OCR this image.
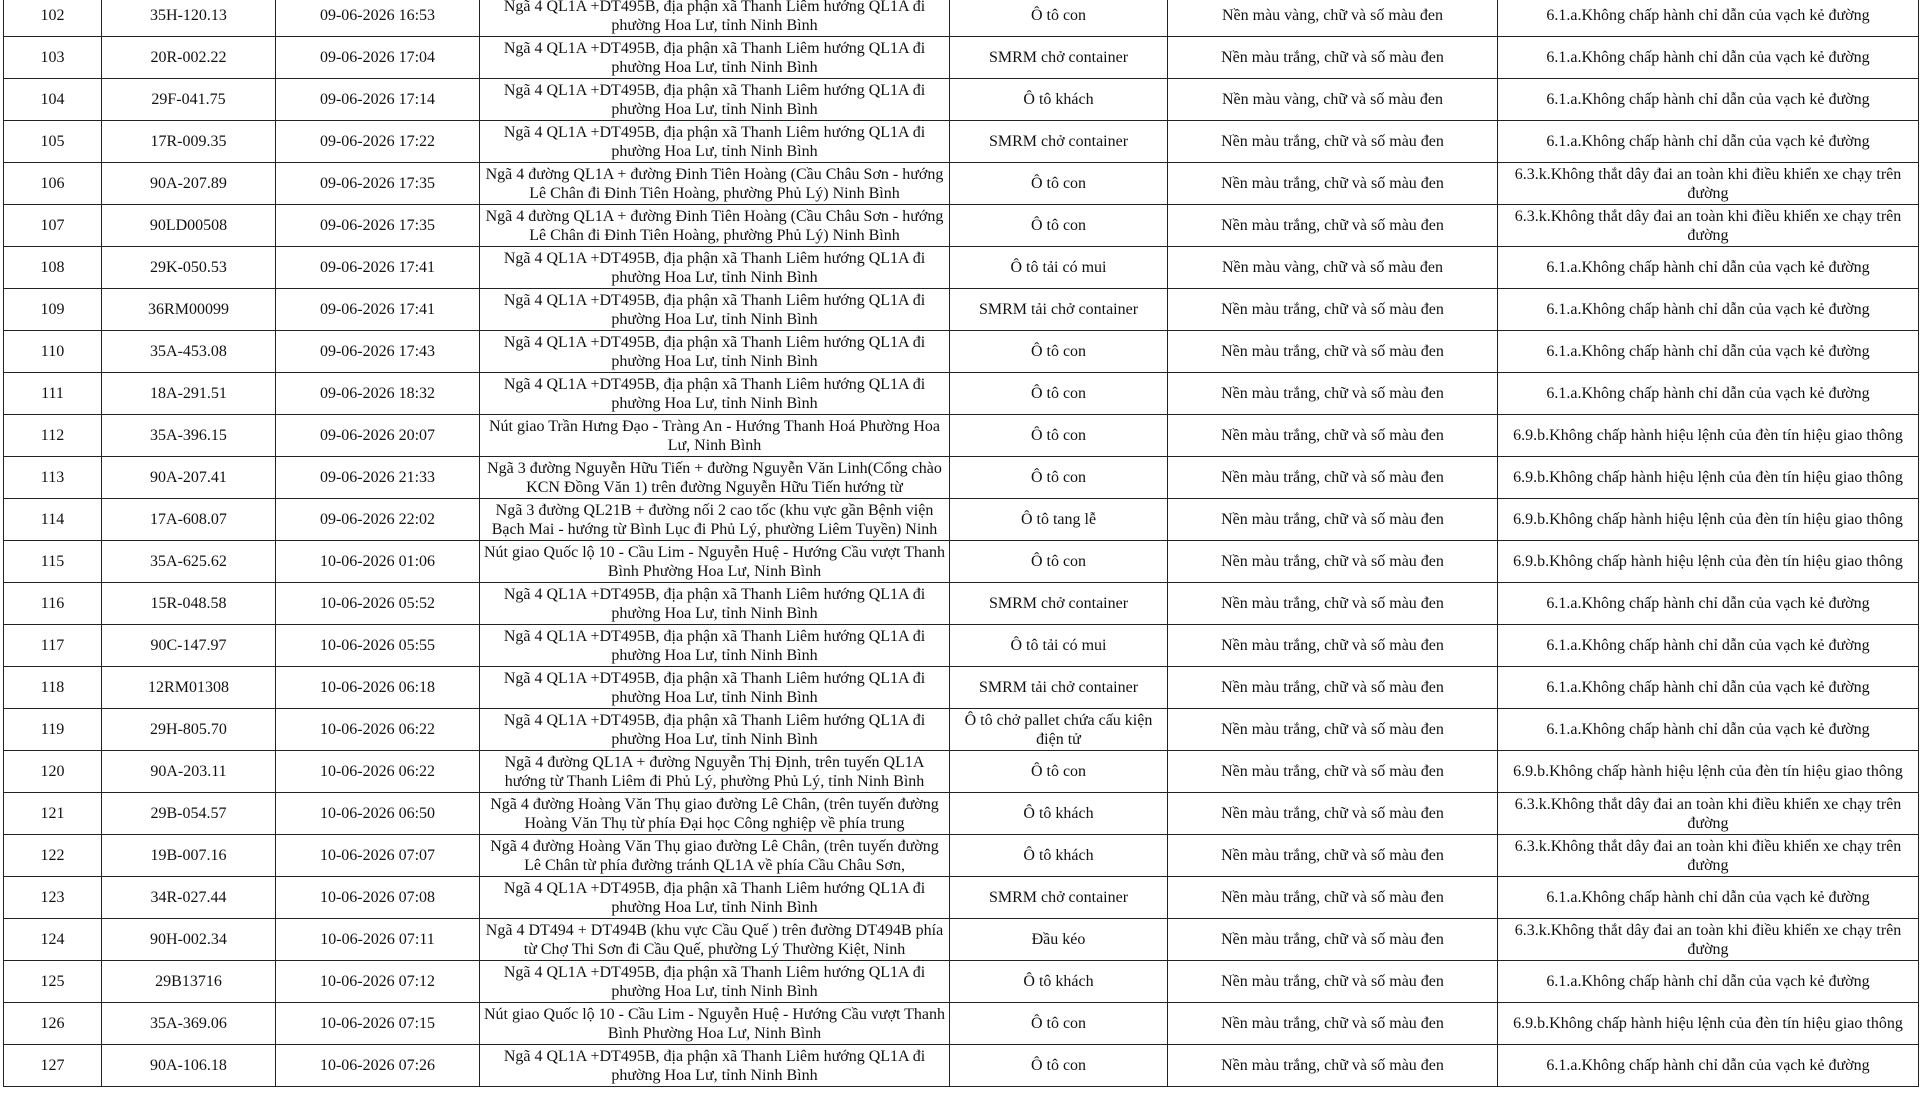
102	35H-120.13	09-06-2026 16:53	Ngã 4 QL1A +DT495B, địa phận xã Thanh Liêm hướng QL1A đi phường Hoa Lư, tỉnh Ninh Bình	Ô tô con	Nền màu vàng, chữ và số màu đen	6.1.a.Không chấp hành chỉ dẫn của vạch kẻ đường

103	20R-002.22	09-06-2026 17:04	Ngã 4 QL1A +DT495B, địa phận xã Thanh Liêm hướng QL1A đi phường Hoa Lư, tỉnh Ninh Bình	SMRM chở container	Nền màu trắng, chữ và số màu đen	6.1.a.Không chấp hành chỉ dẫn của vạch kẻ đường

104	29F-041.75	09-06-2026 17:14	Ngã 4 QL1A +DT495B, địa phận xã Thanh Liêm hướng QL1A đi phường Hoa Lư, tỉnh Ninh Bình	Ô tô khách	Nền màu vàng, chữ và số màu đen	6.1.a.Không chấp hành chỉ dẫn của vạch kẻ đường

105	17R-009.35	09-06-2026 17:22	Ngã 4 QL1A +DT495B, địa phận xã Thanh Liêm hướng QL1A đi phường Hoa Lư, tỉnh Ninh Bình	SMRM chở container	Nền màu trắng, chữ và số màu đen	6.1.a.Không chấp hành chỉ dẫn của vạch kẻ đường

106	90A-207.89	09-06-2026 17:35	Ngã 4 đường QL1A + đường Đinh Tiên Hoàng (Cầu Châu Sơn - hướng Lê Chân đi Đinh Tiên Hoàng, phường Phủ Lý) Ninh Bình	Ô tô con	Nền màu trắng, chữ và số màu đen	6.3.k.Không thắt dây đai an toàn khi điều khiển xe chạy trên đường

107	90LD00508	09-06-2026 17:35	Ngã 4 đường QL1A + đường Đinh Tiên Hoàng (Cầu Châu Sơn - hướng Lê Chân đi Đinh Tiên Hoàng, phường Phủ Lý) Ninh Bình	Ô tô con	Nền màu trắng, chữ và số màu đen	6.3.k.Không thắt dây đai an toàn khi điều khiển xe chạy trên đường

108	29K-050.53	09-06-2026 17:41	Ngã 4 QL1A +DT495B, địa phận xã Thanh Liêm hướng QL1A đi phường Hoa Lư, tỉnh Ninh Bình	Ô tô tải có mui	Nền màu vàng, chữ và số màu đen	6.1.a.Không chấp hành chỉ dẫn của vạch kẻ đường

109	36RM00099	09-06-2026 17:41	Ngã 4 QL1A +DT495B, địa phận xã Thanh Liêm hướng QL1A đi phường Hoa Lư, tỉnh Ninh Bình	SMRM tải chở container	Nền màu trắng, chữ và số màu đen	6.1.a.Không chấp hành chỉ dẫn của vạch kẻ đường

110	35A-453.08	09-06-2026 17:43	Ngã 4 QL1A +DT495B, địa phận xã Thanh Liêm hướng QL1A đi phường Hoa Lư, tỉnh Ninh Bình	Ô tô con	Nền màu trắng, chữ và số màu đen	6.1.a.Không chấp hành chỉ dẫn của vạch kẻ đường

111	18A-291.51	09-06-2026 18:32	Ngã 4 QL1A +DT495B, địa phận xã Thanh Liêm hướng QL1A đi phường Hoa Lư, tỉnh Ninh Bình	Ô tô con	Nền màu trắng, chữ và số màu đen	6.1.a.Không chấp hành chỉ dẫn của vạch kẻ đường

112	35A-396.15	09-06-2026 20:07	Nút giao Trần Hưng Đạo - Tràng An - Hướng Thanh Hoá Phường Hoa Lư, Ninh Bình	Ô tô con	Nền màu trắng, chữ và số màu đen	6.9.b.Không chấp hành hiệu lệnh của đèn tín hiệu giao thông

113	90A-207.41	09-06-2026 21:33	Ngã 3 đường Nguyễn Hữu Tiến + đường Nguyễn Văn Linh(Cổng chào KCN Đồng Văn 1) trên đường Nguyễn Hữu Tiến hướng từ	Ô tô con	Nền màu trắng, chữ và số màu đen	6.9.b.Không chấp hành hiệu lệnh của đèn tín hiệu giao thông

114	17A-608.07	09-06-2026 22:02	Ngã 3 đường QL21B + đường nối 2 cao tốc (khu vực gần Bệnh viện Bạch Mai - hướng từ Bình Lục đi Phủ Lý, phường Liêm Tuyền) Ninh	Ô tô tang lễ	Nền màu trắng, chữ và số màu đen	6.9.b.Không chấp hành hiệu lệnh của đèn tín hiệu giao thông

115	35A-625.62	10-06-2026 01:06	Nút giao Quốc lộ 10 - Cầu Lim - Nguyễn Huệ - Hướng Cầu vượt Thanh Bình Phường Hoa Lư, Ninh Bình	Ô tô con	Nền màu trắng, chữ và số màu đen	6.9.b.Không chấp hành hiệu lệnh của đèn tín hiệu giao thông

116	15R-048.58	10-06-2026 05:52	Ngã 4 QL1A +DT495B, địa phận xã Thanh Liêm hướng QL1A đi phường Hoa Lư, tỉnh Ninh Bình	SMRM chở container	Nền màu trắng, chữ và số màu đen	6.1.a.Không chấp hành chỉ dẫn của vạch kẻ đường

117	90C-147.97	10-06-2026 05:55	Ngã 4 QL1A +DT495B, địa phận xã Thanh Liêm hướng QL1A đi phường Hoa Lư, tỉnh Ninh Bình	Ô tô tải có mui	Nền màu trắng, chữ và số màu đen	6.1.a.Không chấp hành chỉ dẫn của vạch kẻ đường

118	12RM01308	10-06-2026 06:18	Ngã 4 QL1A +DT495B, địa phận xã Thanh Liêm hướng QL1A đi phường Hoa Lư, tỉnh Ninh Bình	SMRM tải chở container	Nền màu trắng, chữ và số màu đen	6.1.a.Không chấp hành chỉ dẫn của vạch kẻ đường

119	29H-805.70	10-06-2026 06:22	Ngã 4 QL1A +DT495B, địa phận xã Thanh Liêm hướng QL1A đi phường Hoa Lư, tỉnh Ninh Bình	Ô tô chở pallet chứa cấu kiện điện tử	Nền màu trắng, chữ và số màu đen	6.1.a.Không chấp hành chỉ dẫn của vạch kẻ đường

120	90A-203.11	10-06-2026 06:22	Ngã 4 đường QL1A + đường Nguyễn Thị Định, trên tuyến QL1A hướng từ Thanh Liêm đi Phủ Lý, phường Phủ Lý, tỉnh Ninh Bình	Ô tô con	Nền màu trắng, chữ và số màu đen	6.9.b.Không chấp hành hiệu lệnh của đèn tín hiệu giao thông

121	29B-054.57	10-06-2026 06:50	Ngã 4 đường Hoàng Văn Thụ giao đường Lê Chân, (trên tuyến đường Hoàng Văn Thụ từ phía Đại học Công nghiệp về phía trung	Ô tô khách	Nền màu trắng, chữ và số màu đen	6.3.k.Không thắt dây đai an toàn khi điều khiển xe chạy trên đường

122	19B-007.16	10-06-2026 07:07	Ngã 4 đường Hoàng Văn Thụ giao đường Lê Chân, (trên tuyến đường Lê Chân từ phía đường tránh QL1A về phía Cầu Châu Sơn,	Ô tô khách	Nền màu trắng, chữ và số màu đen	6.3.k.Không thắt dây đai an toàn khi điều khiển xe chạy trên đường

123	34R-027.44	10-06-2026 07:08	Ngã 4 QL1A +DT495B, địa phận xã Thanh Liêm hướng QL1A đi phường Hoa Lư, tỉnh Ninh Bình	SMRM chở container	Nền màu trắng, chữ và số màu đen	6.1.a.Không chấp hành chỉ dẫn của vạch kẻ đường

124	90H-002.34	10-06-2026 07:11	Ngã 4 DT494 + DT494B (khu vực Cầu Quế ) trên đường DT494B phía từ Chợ Thi Sơn đi Cầu Quế, phường Lý Thường Kiệt, Ninh	Đầu kéo	Nền màu trắng, chữ và số màu đen	6.3.k.Không thắt dây đai an toàn khi điều khiển xe chạy trên đường

125	29B13716	10-06-2026 07:12	Ngã 4 QL1A +DT495B, địa phận xã Thanh Liêm hướng QL1A đi phường Hoa Lư, tỉnh Ninh Bình	Ô tô khách	Nền màu trắng, chữ và số màu đen	6.1.a.Không chấp hành chỉ dẫn của vạch kẻ đường

126	35A-369.06	10-06-2026 07:15	Nút giao Quốc lộ 10 - Cầu Lim - Nguyễn Huệ - Hướng Cầu vượt Thanh Bình Phường Hoa Lư, Ninh Bình	Ô tô con	Nền màu trắng, chữ và số màu đen	6.9.b.Không chấp hành hiệu lệnh của đèn tín hiệu giao thông

127	90A-106.18	10-06-2026 07:26	Ngã 4 QL1A +DT495B, địa phận xã Thanh Liêm hướng QL1A đi phường Hoa Lư, tỉnh Ninh Bình	Ô tô con	Nền màu trắng, chữ và số màu đen	6.1.a.Không chấp hành chỉ dẫn của vạch kẻ đường
